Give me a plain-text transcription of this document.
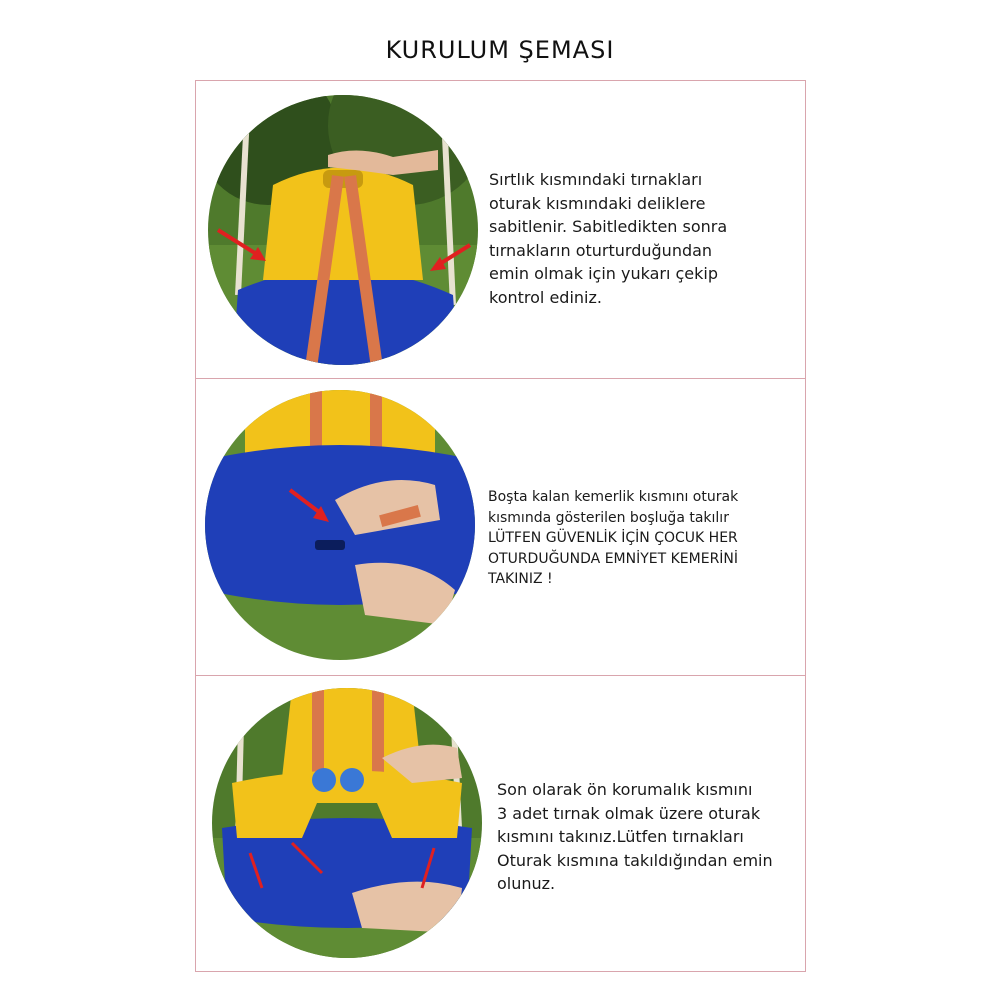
KURULUM ŞEMASI

Sırtlık kısmındaki tırnakları

oturak kısmındaki deliklere

sabitlenir. Sabitledikten sonra

tırnakların oturturduğundan

emin olmak için yukarı çekip

kontrol ediniz.

Boşta kalan kemerlik kısmını oturak

kısmında gösterilen boşluğa takılır

LÜTFEN GÜVENLİK İÇİN ÇOCUK HER

OTURDUĞUNDA EMNİYET KEMERİNİ

TAKINIZ !

Son olarak ön korumalık kısmını

3 adet tırnak olmak üzere oturak

kısmını takınız.Lütfen tırnakları

Oturak kısmına takıldığından emin

olunuz.
